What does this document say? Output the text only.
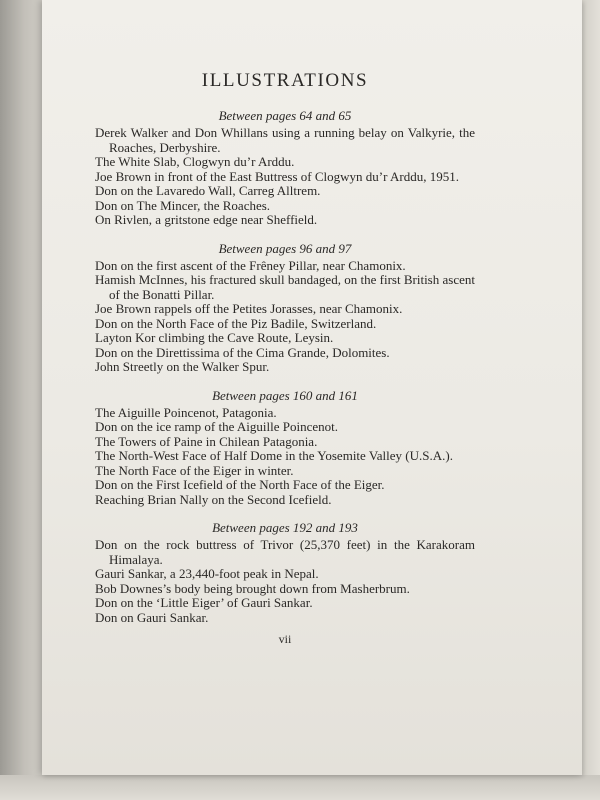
ILLUSTRATIONS

Between pages 64 and 65

Derek Walker and Don Whillans using a running belay on Valkyrie, the Roaches, Derbyshire.

The White Slab, Clogwyn du’r Arddu.

Joe Brown in front of the East Buttress of Clogwyn du’r Arddu, 1951.

Don on the Lavaredo Wall, Carreg Alltrem.

Don on The Mincer, the Roaches.

On Rivlen, a gritstone edge near Sheffield.

Between pages 96 and 97

Don on the first ascent of the Frêney Pillar, near Chamonix.

Hamish McInnes, his fractured skull bandaged, on the first British ascent of the Bonatti Pillar.

Joe Brown rappels off the Petites Jorasses, near Chamonix.

Don on the North Face of the Piz Badile, Switzerland.

Layton Kor climbing the Cave Route, Leysin.

Don on the Direttissima of the Cima Grande, Dolomites.

John Streetly on the Walker Spur.

Between pages 160 and 161

The Aiguille Poincenot, Patagonia.

Don on the ice ramp of the Aiguille Poincenot.

The Towers of Paine in Chilean Patagonia.

The North-West Face of Half Dome in the Yosemite Valley (U.S.A.).

The North Face of the Eiger in winter.

Don on the First Icefield of the North Face of the Eiger.

Reaching Brian Nally on the Second Icefield.

Between pages 192 and 193

Don on the rock buttress of Trivor (25,370 feet) in the Karakoram Himalaya.

Gauri Sankar, a 23,440-foot peak in Nepal.

Bob Downes’s body being brought down from Masherbrum.

Don on the ‘Little Eiger’ of Gauri Sankar.

Don on Gauri Sankar.

vii
